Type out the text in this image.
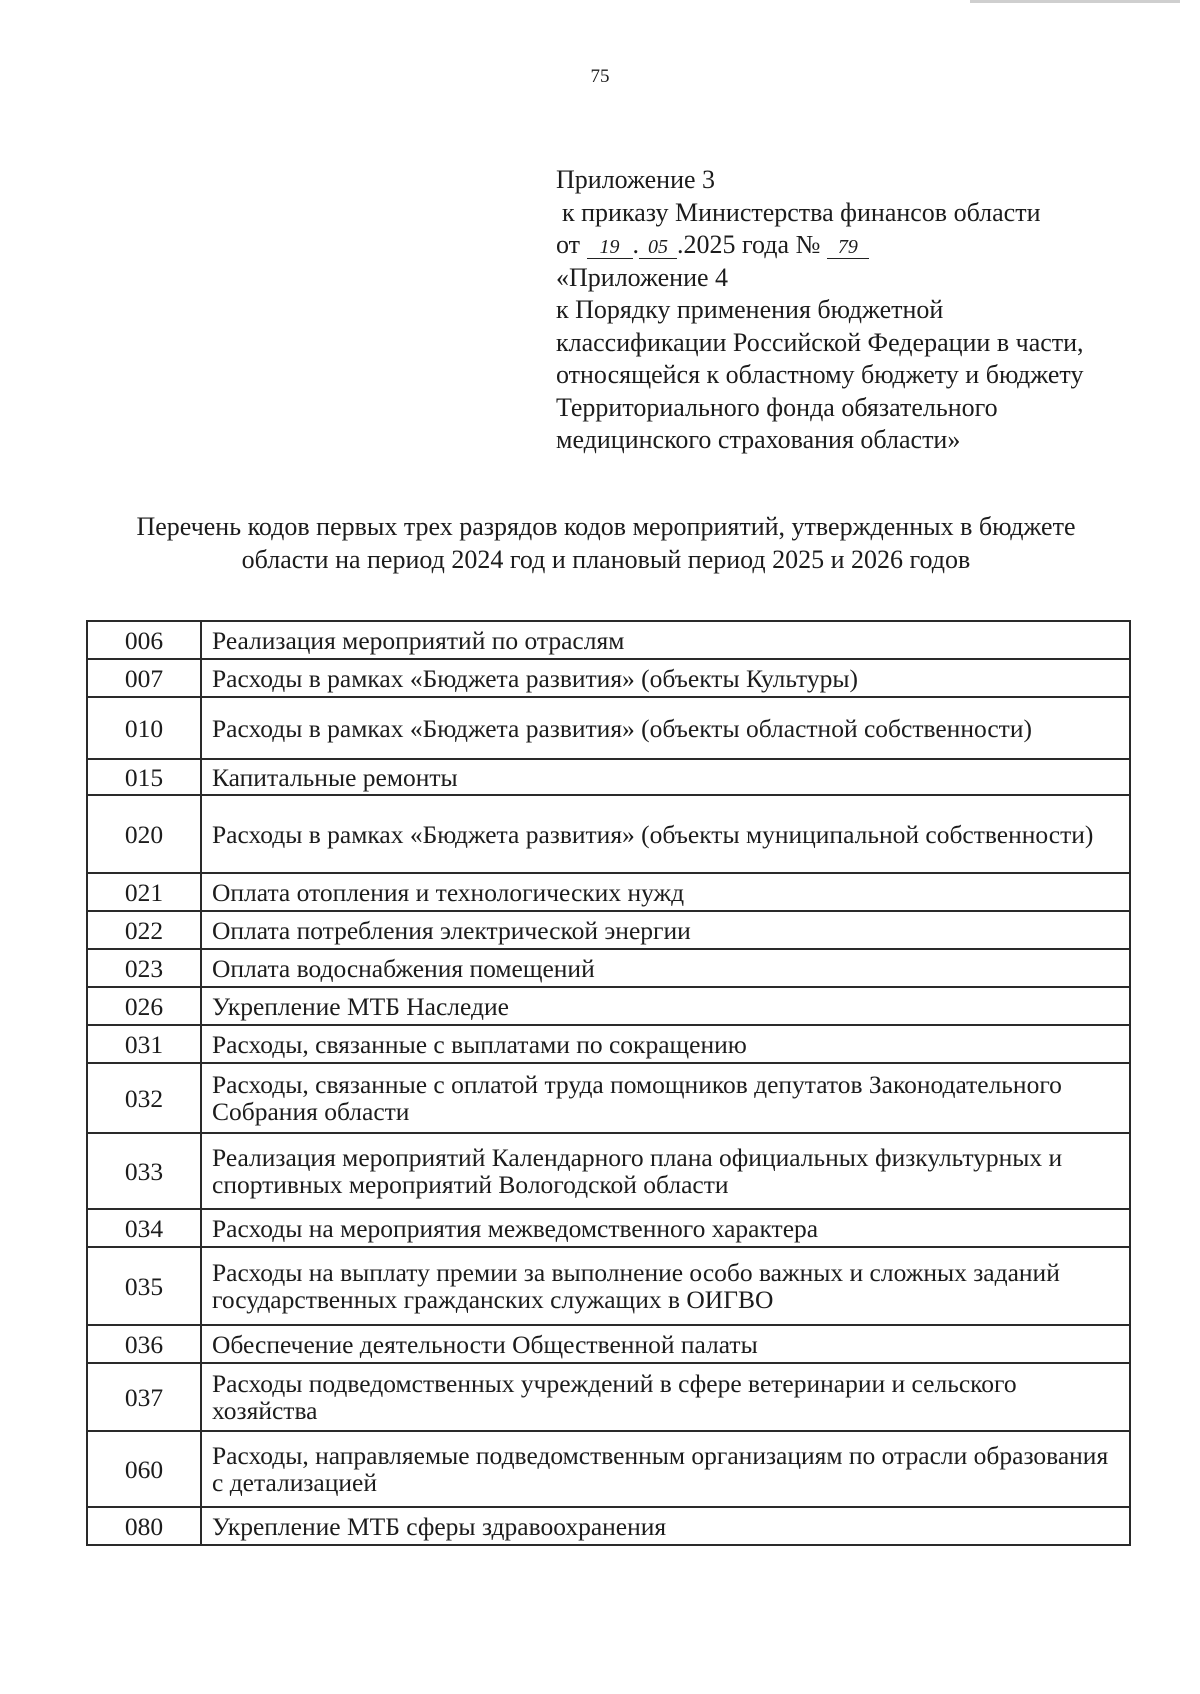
75
Приложение 3
к приказу Министерства финансов области
от 19 . 05 .2025 года № 79
«Приложение 4
к Порядку применения бюджетной
классификации Российской Федерации в части,
относящейся к областному бюджету и бюджету
Территориального фонда обязательного
медицинского страхования области»
Перечень кодов первых трех разрядов кодов мероприятий, утвержденных в бюджете
области на период 2024 год и плановый период 2025 и 2026 годов
006	Реализация мероприятий по отраслям
007	Расходы в рамках «Бюджета развития» (объекты Культуры)
010	Расходы в рамках «Бюджета развития» (объекты областной собственности)
015	Капитальные ремонты
020	Расходы в рамках «Бюджета развития» (объекты муниципальной собственности)
021	Оплата отопления и технологических нужд
022	Оплата потребления электрической энергии
023	Оплата водоснабжения помещений
026	Укрепление МТБ Наследие
031	Расходы, связанные с выплатами по сокращению
032	Расходы, связанные с оплатой труда помощников депутатов Законодательного Собрания области
033	Реализация мероприятий Календарного плана официальных физкультурных и спортивных мероприятий Вологодской области
034	Расходы на мероприятия межведомственного характера
035	Расходы на выплату премии за выполнение особо важных и сложных заданий государственных гражданских служащих в ОИГВО
036	Обеспечение деятельности Общественной палаты
037	Расходы подведомственных учреждений в сфере ветеринарии и сельского хозяйства
060	Расходы, направляемые подведомственным организациям по отрасли образования с детализацией
080	Укрепление МТБ сферы здравоохранения
